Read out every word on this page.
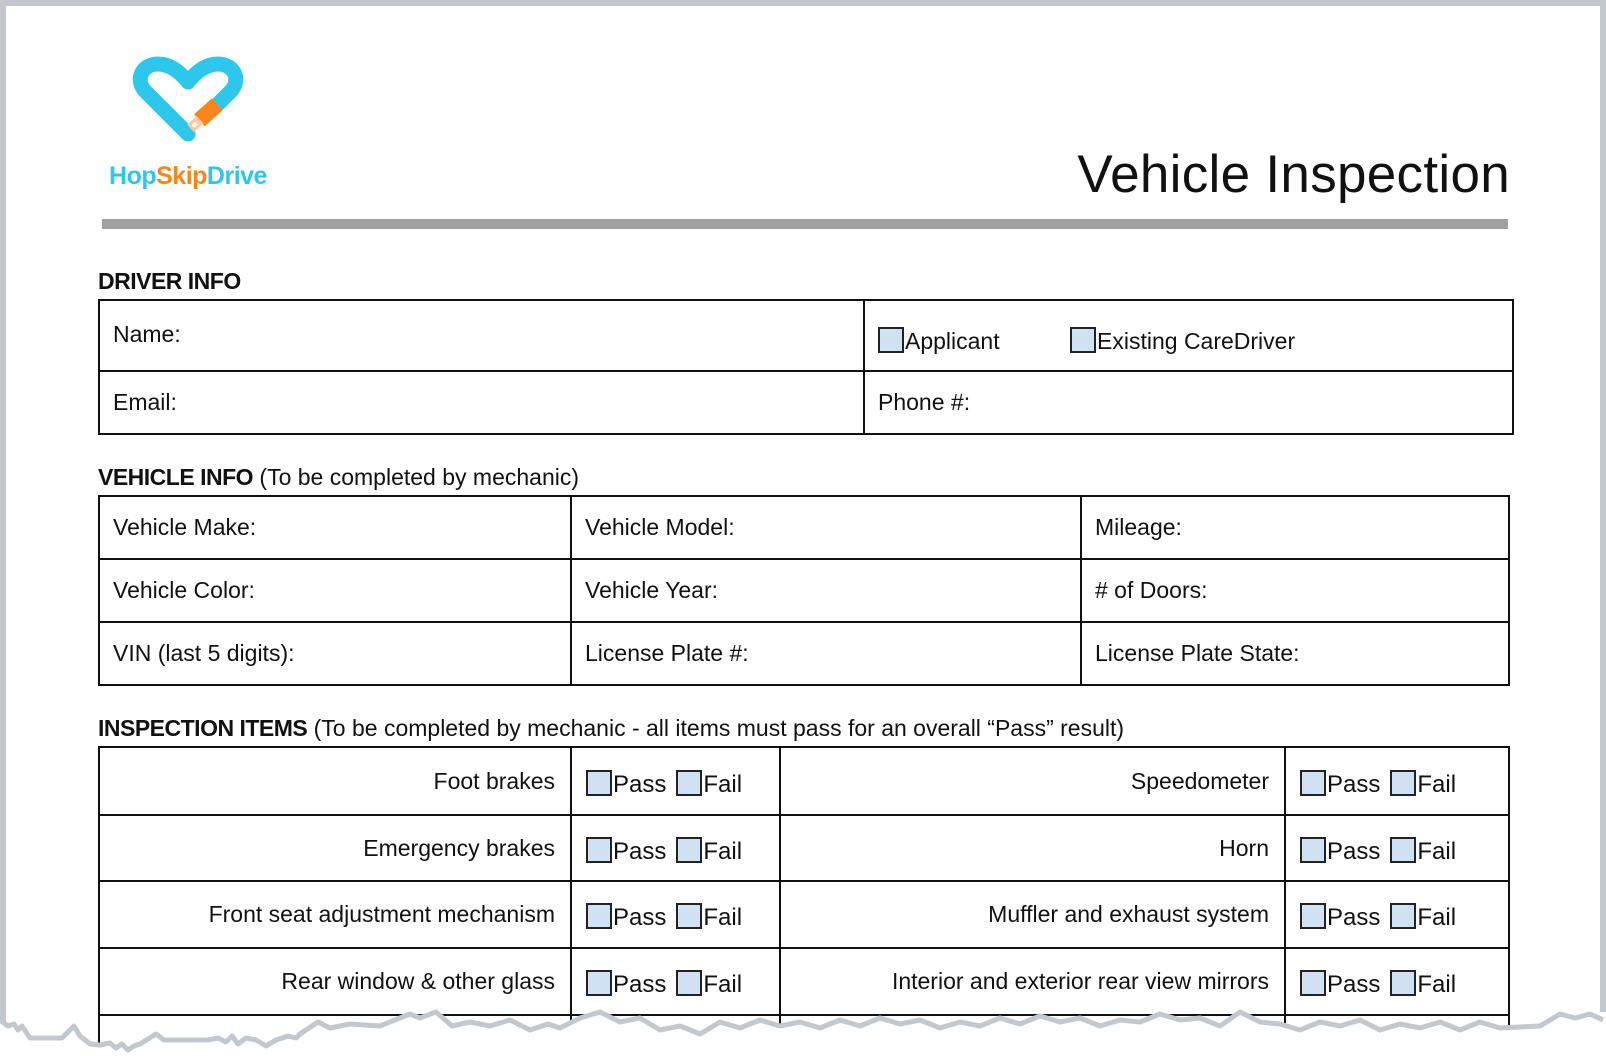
HopSkipDrive	Vehicle Inspection
DRIVER INFO
Name:	Applicant Existing CareDriver
Email:	Phone #:
VEHICLE INFO (To be completed by mechanic)
Vehicle Make:	Vehicle Model:	Mileage:
Vehicle Color:	Vehicle Year:	# of Doors:
VIN (last 5 digits):	License Plate #:	License Plate State:
INSPECTION ITEMS (To be completed by mechanic - all items must pass for an overall “Pass” result)
Foot brakes	Pass Fail	Speedometer	Pass Fail
Emergency brakes	Pass Fail	Horn	Pass Fail
Front seat adjustment mechanism	Pass Fail	Muffler and exhaust system	Pass Fail
Rear window & other glass	Pass Fail	Interior and exterior rear view mirrors	Pass Fail
